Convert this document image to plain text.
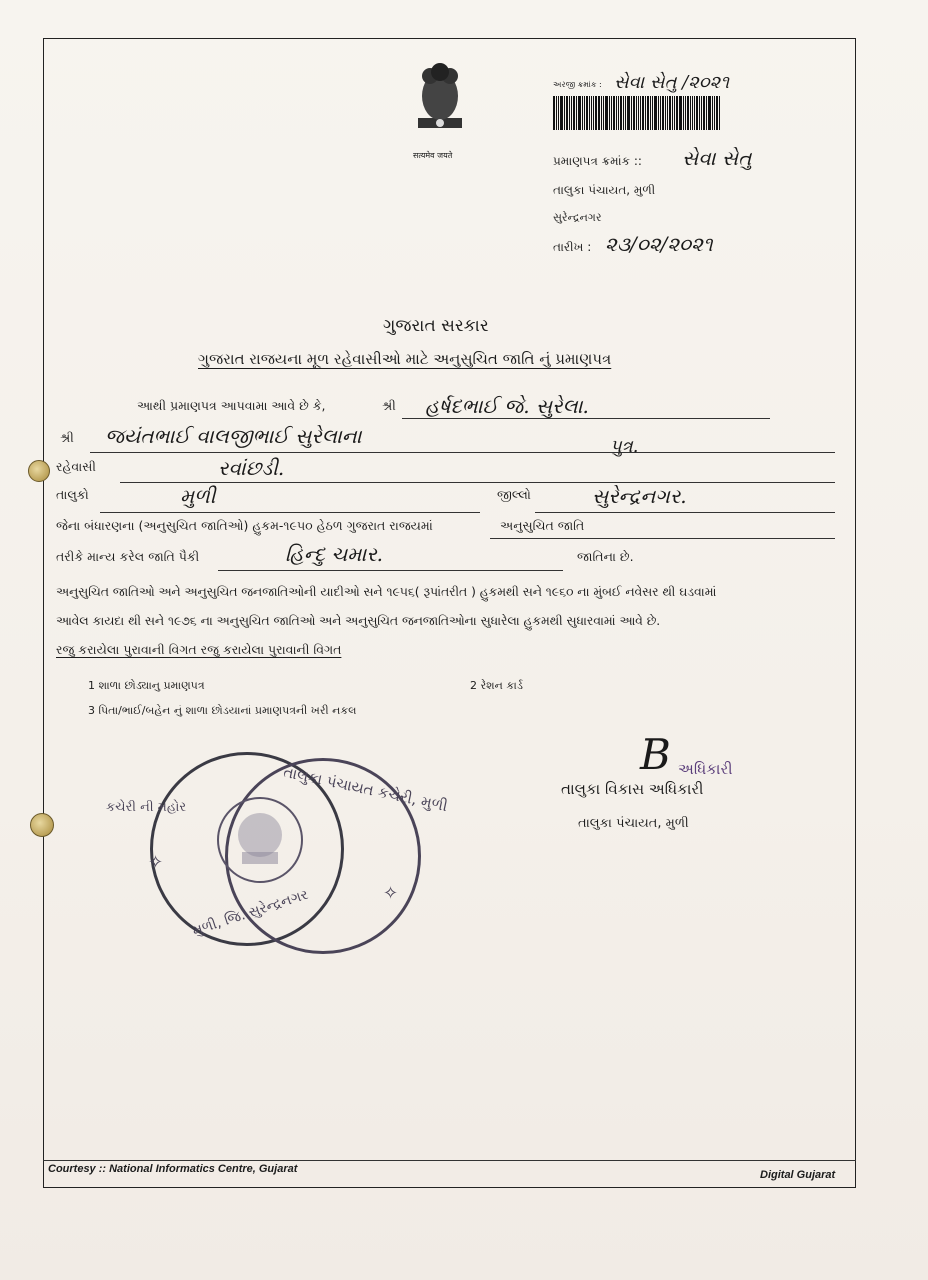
सत्यमेव जयते
અરજી ક્રમાંક : સેવા સેતુ /૨૦૨૧
પ્રમાણપત્ર ક્રમાંક :: સેવા સેતુ
તાલુકા પંચાયત, મુળી
સુરેન્દ્રનગર
તારીખ : ૨૩/૦૨/૨૦૨૧
ગુજરાત સરકાર
ગુજરાત રાજયના મૂળ રહેવાસીઓ માટે અનુસુચિત જાતિ નું પ્રમાણપત્ર
આથી પ્રમાણપત્ર આપવામા આવે છે કે,	શ્રી હર્ષદભાઈ જે. સુરેલા.
શ્રી જયંતભાઈ વાલજીભાઈ સુરેલાના	પુત્ર.
રહેવાસી	રવાંછડી.
તાલુકો	મુળી	જીલ્લો	સુરેન્દ્રનગર.
જેના બંધારણના (અનુસુચિત જાતિઓ) હુકમ-૧૯૫૦ હેઠળ ગુજરાત રાજયમાં	અનુસુચિત જાતિ
તરીકે માન્ય કરેલ જાતિ પૈકી	હિન્દુ ચમાર.	જાતિના છે.
અનુસુચિત જાતિઓ અને અનુસુચિત જનજાતિઓની યાદીઓ સને ૧૯૫૬( રૂપાંતરીત ) હુકમથી સને ૧૯૬૦ ના મુંબઈ નવેસર થી ઘડવામાં
આવેલ કાયદા થી સને ૧૯૭૬ ના અનુસુચિત જાતિઓ અને અનુસુચિત જનજાતિઓના સુધારેલા હુકમથી સુધારવામાં આવે છે.
રજુ કરાયેલા પુરાવાની વિગત રજુ કરાયેલા પુરાવાની વિગત
1 શાળા છોડ્યાનુ પ્રમાણપત્ર	2 રેશન કાર્ડ
3 પિતા/ભાઈ/બહેન નું શાળા છોડયાનાં પ્રમાણપત્રની ખરી નકલ
તાલુકા પંચાયત કચેરી, મુળી
મુળી, જિ. સુરેન્દ્રનગર
✧
✧
કચેરી ની મહોર
B
તાલુકા વિકાસ અધિકારી
અધિકારી
તાલુકા પંચાયત, મુળી
Courtesy :: National Informatics Centre, Gujarat	Digital Gujarat
